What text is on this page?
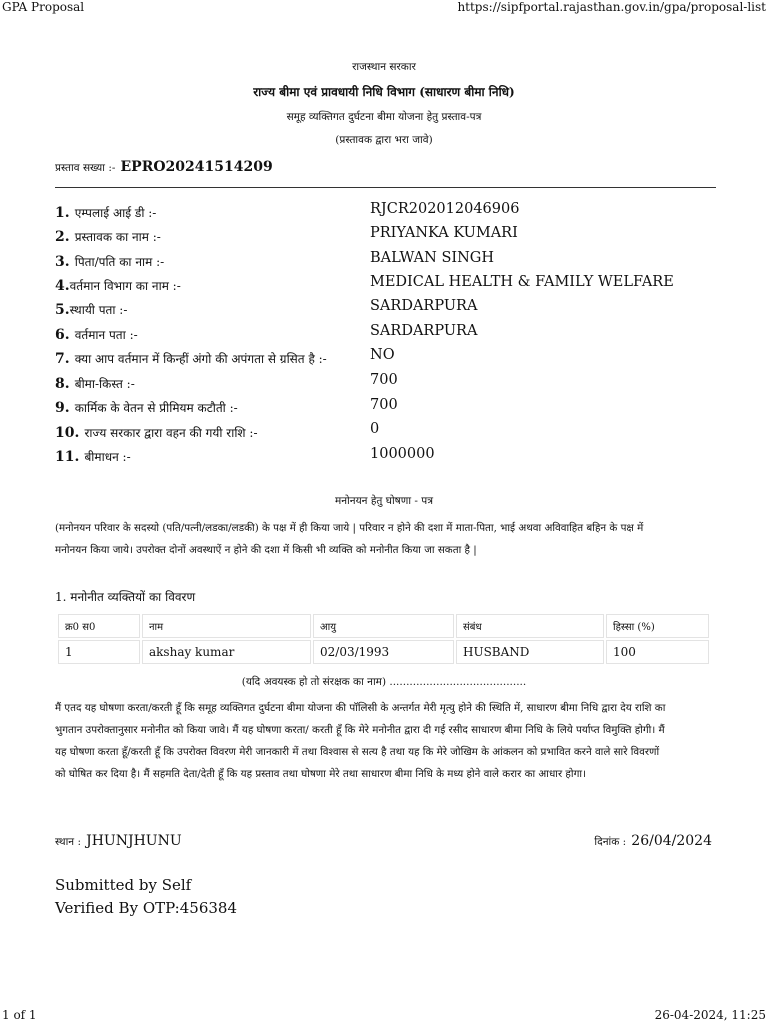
GPA Proposal	https://sipfportal.rajasthan.gov.in/gpa/proposal-list
राजस्थान सरकार
राज्य बीमा एवं प्रावधायी निधि विभाग (साधारण बीमा निधि)
समूह व्यक्तिगत दुर्घटना बीमा योजना हेतु प्रस्ताव-पत्र
(प्रस्तावक द्वारा भरा जावे)
प्रस्ताव सख्या :- EPRO20241514209
1. एम्पलाई आई डी :-	RJCR202012046906
2. प्रस्तावक का नाम :-	PRIYANKA KUMARI
3. पिता/पति का नाम :-	BALWAN SINGH
4.वर्तमान विभाग का नाम :-	MEDICAL HEALTH & FAMILY WELFARE
5.स्थायी पता :-	SARDARPURA
6. वर्तमान पता :-	SARDARPURA
7. क्या आप वर्तमान में किन्हीं अंगो की अपंगता से ग्रसित है :-	NO
8. बीमा-किस्त :-	700
9. कार्मिक के वेतन से प्रीमियम कटौती :-	700
10. राज्य सरकार द्वारा वहन की गयी राशि :-	0
11. बीमाधन :-	1000000
मनोनयन हेतु घोषणा - पत्र
(मनोनयन परिवार के सदस्यो (पति/पत्नी/लडका/लडकी) के पक्ष में ही किया जाये | परिवार न होने की दशा में माता-पिता, भाई अथवा अविवाहित बहिन के पक्ष में
मनोनयन किया जाये। उपरोक्त दोनों अवस्थाऐं न होने की दशा में किसी भी व्यक्ति को मनोनीत किया जा सकता है |
1. मनोनीत व्यक्तियों का विवरण
क्र0 स0	नाम	आयु	संबंध	हिस्सा (%)
1	akshay kumar	02/03/1993	HUSBAND	100
(यदि अवयस्क हो तो संरक्षक का नाम) .........................................
मैं एतद यह घोषणा करता/करती हूँ कि समूह व्यक्तिगत दुर्घटना बीमा योजना की पॉलिसी के अन्तर्गत मेरी मृत्यु होने की स्थिति में, साधारण बीमा निधि द्वारा देय राशि का
भुगतान उपरोक्तानुसार मनोनीत को किया जावे। मैं यह घोषणा करता/ करती हूँ कि मेरे मनोनीत द्वारा दी गई रसीद साधारण बीमा निधि के लिये पर्याप्त विमुक्ति होगी। मैं
यह घोषणा करता हूँ/करती हूँ कि उपरोक्त विवरण मेरी जानकारी में तथा विश्वास से सत्य है तथा यह कि मेरे जोखिम के आंकलन को प्रभावित करने वाले सारे विवरणों
को घोषित कर दिया है। मैं सहमति देता/देती हूँ कि यह प्रस्ताव तथा घोषणा मेरे तथा साधारण बीमा निधि के मध्य होने वाले करार का आधार होगा।
स्थान : JHUNJHUNU	दिनांक : 26/04/2024
Submitted by Self
Verified By OTP:456384
1 of 1	26-04-2024, 11:25
